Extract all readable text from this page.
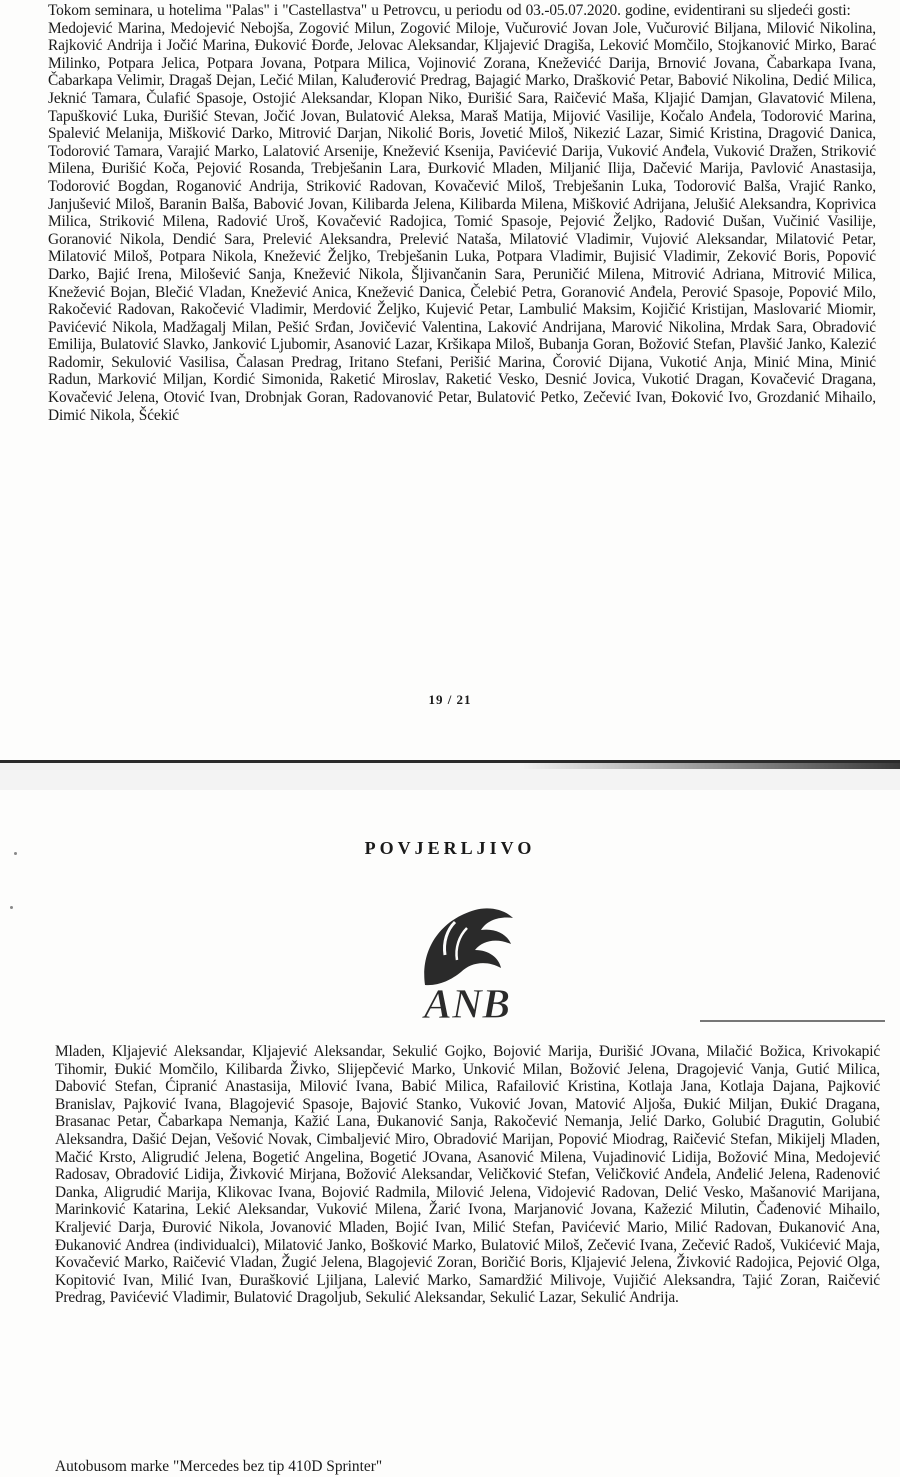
Tokom seminara, u hotelima "Palas" i "Castellastva" u Petrovcu, u periodu od 03.-05.07.2020. godine, evidentirani su sljedeći gosti:
Medojević Marina, Medojević Nebojša, Zogović Milun, Zogović Miloje, Vučurović Jovan Jole, Vučurović Biljana, Milović Nikolina, Rajković Andrija i Jočić Marina, Đuković Đorđe, Jelovac Aleksandar, Kljajević Dragiša, Leković Momčilo, Stojkanović Mirko, Barać Milinko, Potpara Jelica, Potpara Jovana, Potpara Milica, Vojinović Zorana, Kneževićć Darija, Brnović Jovana, Čabarkapa Ivana, Čabarkapa Velimir, Dragaš Dejan, Lečić Milan, Kaluđerović Predrag, Bajagić Marko, Drašković Petar, Babović Nikolina, Dedić Milica, Jeknić Tamara, Čulafić Spasoje, Ostojić Aleksandar, Klopan Niko, Đurišić Sara, Raičević Maša, Kljajić Damjan, Glavatović Milena, Tapušković Luka, Đurišić Stevan, Jočić Jovan, Bulatović Aleksa, Maraš Matija, Mijović Vasilije, Kočalo Anđela, Todorović Marina, Spalević Melanija, Mišković Darko, Mitrović Darjan, Nikolić Boris, Jovetić Miloš, Nikezić Lazar, Simić Kristina, Dragović Danica, Todorović Tamara, Varajić Marko, Lalatović Arsenije, Knežević Ksenija, Pavićević Darija, Vuković Anđela, Vuković Dražen, Striković Milena, Đurišić Koča, Pejović Rosanda, Trebješanin Lara, Đurković Mladen, Miljanić Ilija, Dačević Marija, Pavlović Anastasija, Todorović Bogdan, Roganović Andrija, Striković Radovan, Kovačević Miloš, Trebješanin Luka, Todorović Balša, Vrajić Ranko, Janjušević Miloš, Baranin Balša, Babović Jovan, Kilibarda Jelena, Kilibarda Milena, Mišković Adrijana, Jelušić Aleksandra, Koprivica Milica, Striković Milena, Radović Uroš, Kovačević Radojica, Tomić Spasoje, Pejović Željko, Radović Dušan, Vučinić Vasilije, Goranović Nikola, Dendić Sara, Prelević Aleksandra, Prelević Nataša, Milatović Vladimir, Vujović Aleksandar, Milatović Petar, Milatović Miloš, Potpara Nikola, Knežević Željko, Trebješanin Luka, Potpara Vladimir, Bujisić Vladimir, Zeković Boris, Popović Darko, Bajić Irena, Milošević Sanja, Knežević Nikola, Šljivančanin Sara, Peruničić Milena, Mitrović Adriana, Mitrović Milica, Knežević Bojan, Blečić Vladan, Knežević Anica, Knežević Danica, Čelebić Petra, Goranović Anđela, Perović Spasoje, Popović Milo, Rakočević Radovan, Rakočević Vladimir, Merdović Željko, Kujević Petar, Lambulić Maksim, Kojičić Kristijan, Maslovarić Miomir, Pavićević Nikola, Madžagalj Milan, Pešić Srđan, Jovičević Valentina, Laković Andrijana, Marović Nikolina, Mrdak Sara, Obradović Emilija, Bulatović Slavko, Janković Ljubomir, Asanović Lazar, Kršikapa Miloš, Bubanja Goran, Božović Stefan, Plavšić Janko, Kalezić Radomir, Sekulović Vasilisa, Čalasan Predrag, Iritano Stefani, Perišić Marina, Čorović Dijana, Vukotić Anja, Minić Mina, Minić Radun, Marković Miljan, Kordić Simonida, Raketić Miroslav, Raketić Vesko, Desnić Jovica, Vukotić Dragan, Kovačević Dragana, Kovačević Jelena, Otović Ivan, Drobnjak Goran, Radovanović Petar, Bulatović Petko, Zečević Ivan, Đoković Ivo, Grozdanić Mihailo, Dimić Nikola, Šćekić
19 / 21
POVJERLJIVO
ANB
Mladen, Kljajević Aleksandar, Kljajević Aleksandar, Sekulić Gojko, Bojović Marija, Đurišić JOvana, Milačić Božica, Krivokapić Tihomir, Đukić Momčilo, Kilibarda Živko, Slijepčević Marko, Unković Milan, Božović Jelena, Dragojević Vanja, Gutić Milica, Dabović Stefan, Ćipranić Anastasija, Milović Ivana, Babić Milica, Rafailović Kristina, Kotlaja Jana, Kotlaja Dajana, Pajković Branislav, Pajković Ivana, Blagojević Spasoje, Bajović Stanko, Vuković Jovan, Matović Aljoša, Đukić Miljan, Đukić Dragana, Brasanac Petar, Čabarkapa Nemanja, Kažić Lana, Đukanović Sanja, Rakočević Nemanja, Jelić Darko, Golubić Dragutin, Golubić Aleksandra, Dašić Dejan, Vešović Novak, Cimbaljević Miro, Obradović Marijan, Popović Miodrag, Raičević Stefan, Mikijelj Mladen, Mačić Krsto, Aligrudić Jelena, Bogetić Angelina, Bogetić JOvana, Asanović Milena, Vujadinović Lidija, Božović Mina, Medojević Radosav, Obradović Lidija, Živković Mirjana, Božović Aleksandar, Veličković Stefan, Veličković Anđela, Anđelić Jelena, Radenović Danka, Aligrudić Marija, Klikovac Ivana, Bojović Radmila, Milović Jelena, Vidojević Radovan, Delić Vesko, Mašanović Marijana, Marinković Katarina, Lekić Aleksandar, Vuković Milena, Žarić Ivona, Marjanović Jovana, Kažezić Milutin, Čađenović Mihailo, Kraljević Darja, Đurović Nikola, Jovanović Mladen, Bojić Ivan, Milić Stefan, Pavićević Mario, Milić Radovan, Đukanović Ana, Đukanović Andrea (individualci), Milatović Janko, Bošković Marko, Bulatović Miloš, Zečević Ivana, Zečević Radoš, Vukićević Maja, Kovačević Marko, Raičević Vladan, Žugić Jelena, Blagojević Zoran, Boričić Boris, Kljajević Jelena, Živković Radojica, Pejović Olga, Kopitović Ivan, Milić Ivan, Đurašković Ljiljana, Lalević Marko, Samardžić Milivoje, Vujičić Aleksandra, Tajić Zoran, Raičević Predrag, Pavićević Vladimir, Bulatović Dragoljub, Sekulić Aleksandar, Sekulić Lazar, Sekulić Andrija.
Autobusom marke "Mercedes bez tip 410D Sprinter"
